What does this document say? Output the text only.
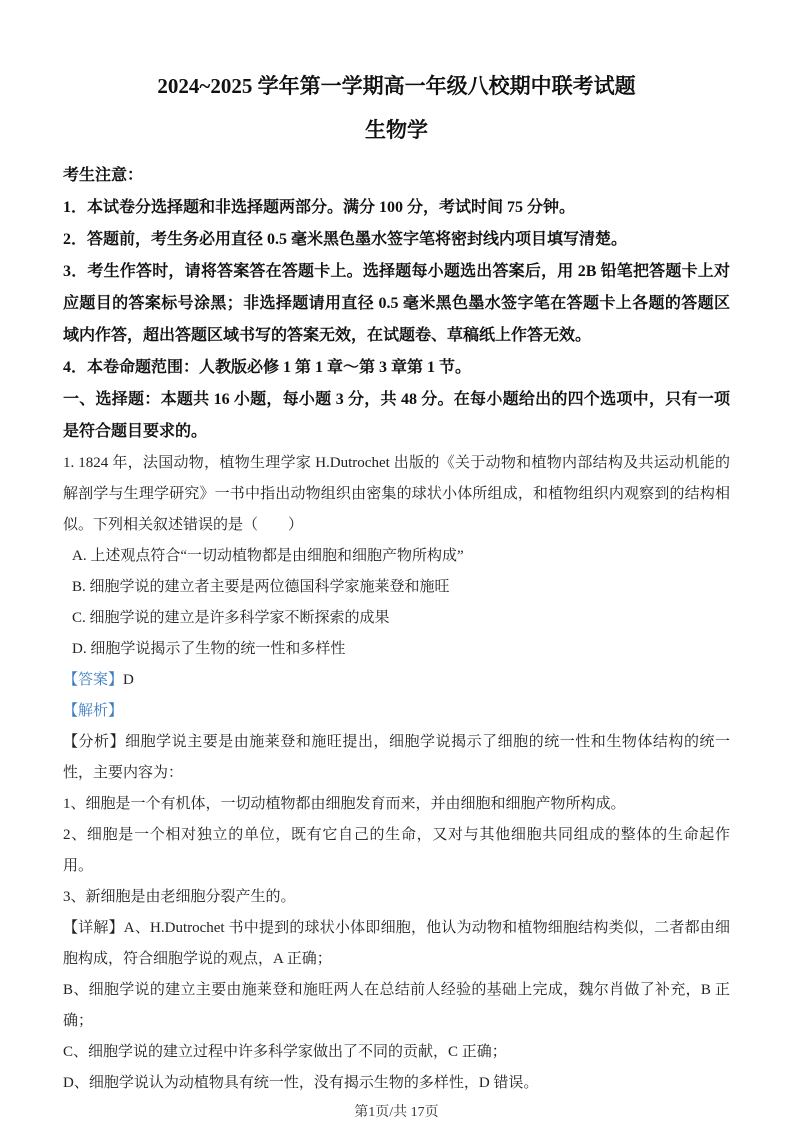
2024~2025 学年第一学期高一年级八校期中联考试题
生物学

考生注意：

1．本试卷分选择题和非选择题两部分。满分 100 分，考试时间 75 分钟。

2．答题前，考生务必用直径 0.5 毫米黑色墨水签字笔将密封线内项目填写清楚。

3．考生作答时，请将答案答在答题卡上。选择题每小题选出答案后，用 2B 铅笔把答题卡上对应题目的答案标号涂黑；非选择题请用直径 0.5 毫米黑色墨水签字笔在答题卡上各题的答题区域内作答，超出答题区域书写的答案无效，在试题卷、草稿纸上作答无效。

4．本卷命题范围：人教版必修 1 第 1 章～第 3 章第 1 节。

一、选择题：本题共 16 小题，每小题 3 分，共 48 分。在每小题给出的四个选项中，只有一项是符合题目要求的。

1. 1824 年，法国动物，植物生理学家 H.Dutrochet 出版的《关于动物和植物内部结构及共运动机能的解剖学与生理学研究》一书中指出动物组织由密集的球状小体所组成，和植物组织内观察到的结构相似。下列相关叙述错误的是（　　）

A. 上述观点符合“一切动植物都是由细胞和细胞产物所构成”

B. 细胞学说的建立者主要是两位德国科学家施莱登和施旺

C. 细胞学说的建立是许多科学家不断探索的成果

D. 细胞学说揭示了生物的统一性和多样性

【答案】D

【解析】

【分析】细胞学说主要是由施莱登和施旺提出，细胞学说揭示了细胞的统一性和生物体结构的统一性，主要内容为：

1、细胞是一个有机体，一切动植物都由细胞发育而来，并由细胞和细胞产物所构成。

2、细胞是一个相对独立的单位，既有它自己的生命，又对与其他细胞共同组成的整体的生命起作用。

3、新细胞是由老细胞分裂产生的。

【详解】A、H.Dutrochet 书中提到的球状小体即细胞，他认为动物和植物细胞结构类似，二者都由细胞构成，符合细胞学说的观点，A 正确；

B、细胞学说的建立主要由施莱登和施旺两人在总结前人经验的基础上完成，魏尔肖做了补充，B 正确；

C、细胞学说的建立过程中许多科学家做出了不同的贡献，C 正确；

D、细胞学说认为动植物具有统一性，没有揭示生物的多样性，D 错误。

第1页/共 17页
